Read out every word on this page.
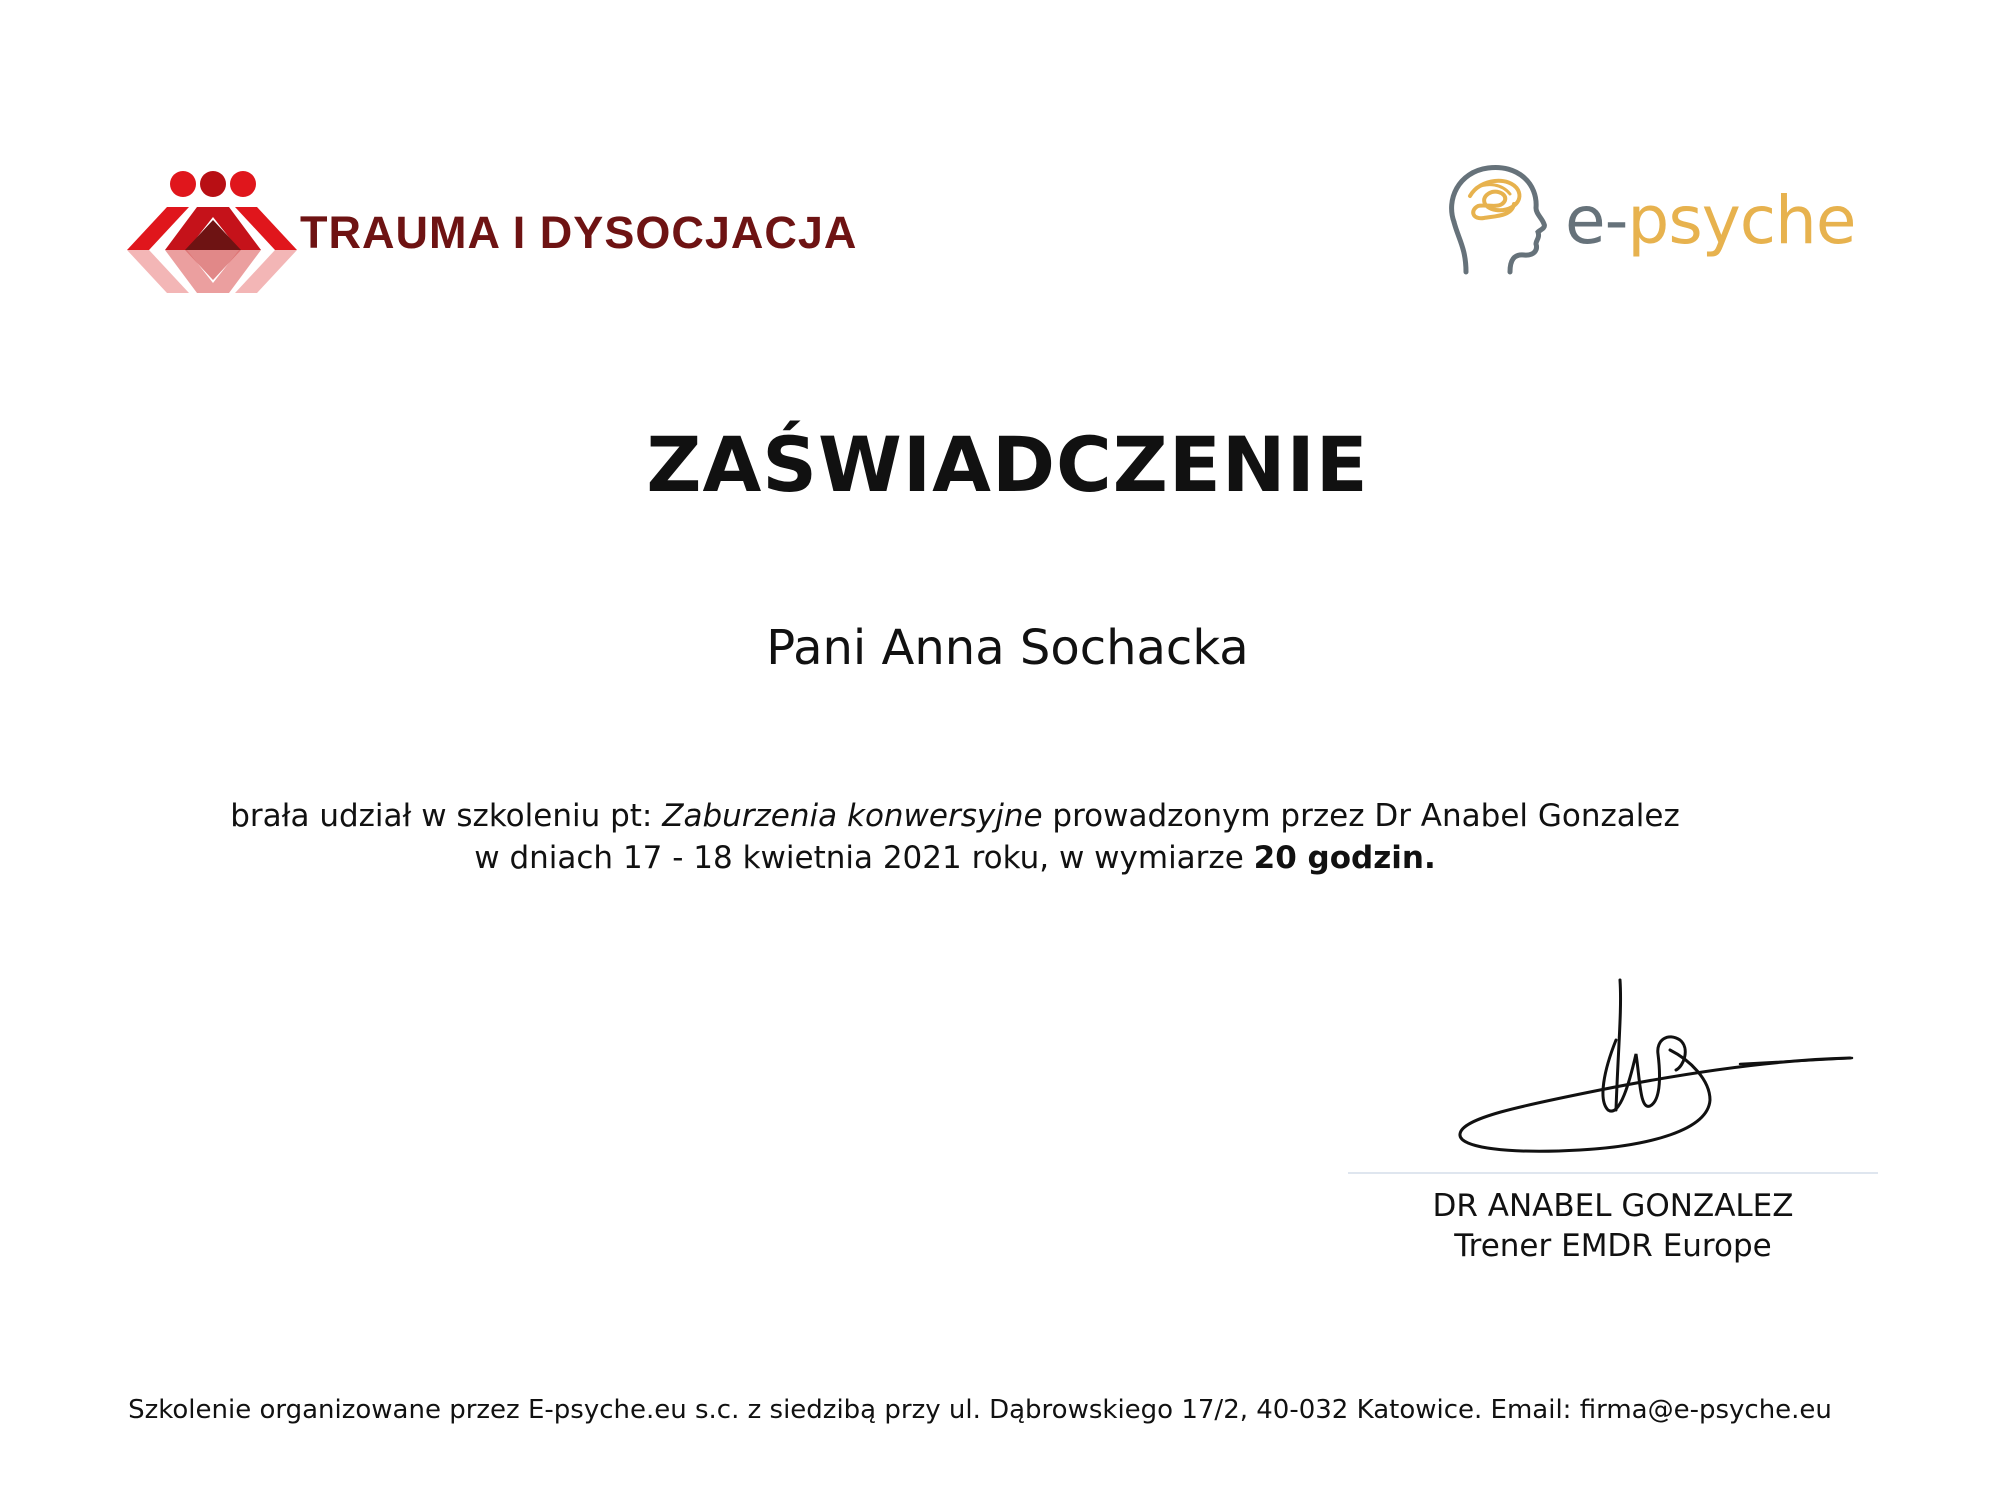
TRAUMA I DYSOCJACJA	e-psyche
ZAŚWIADCZENIE
Pani Anna Sochacka
brała udział w szkoleniu pt: Zaburzenia konwersyjne prowadzonym przez Dr Anabel Gonzalez
w dniach 17 - 18 kwietnia 2021 roku, w wymiarze 20 godzin.
DR ANABEL GONZALEZ
Trener EMDR Europe
Szkolenie organizowane przez E-psyche.eu s.c. z siedzibą przy ul. Dąbrowskiego 17/2, 40-032 Katowice. Email: firma@e-psyche.eu
